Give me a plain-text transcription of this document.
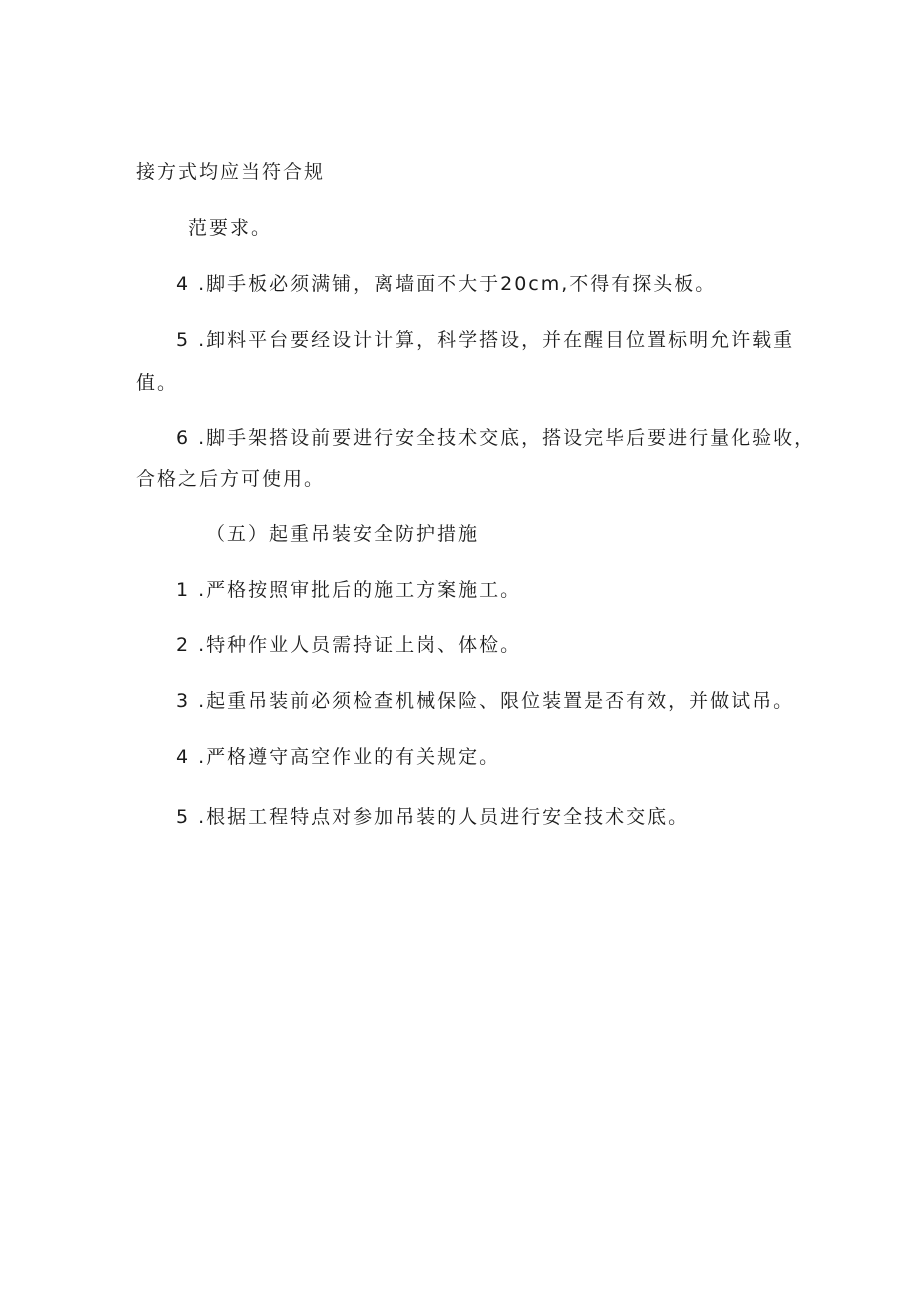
接方式均应当符合规
范要求。
4 .脚手板必须满铺，离墙面不大于20cm,不得有探头板。
5 .卸料平台要经设计计算，科学搭设，并在醒目位置标明允许载重
值。
6 .脚手架搭设前要进行安全技术交底，搭设完毕后要进行量化验收，
合格之后方可使用。
（五）起重吊装安全防护措施
1 .严格按照审批后的施工方案施工。
2 .特种作业人员需持证上岗、体检。
3 .起重吊装前必须检查机械保险、限位装置是否有效，并做试吊。
4 .严格遵守高空作业的有关规定。
5 .根据工程特点对参加吊装的人员进行安全技术交底。
